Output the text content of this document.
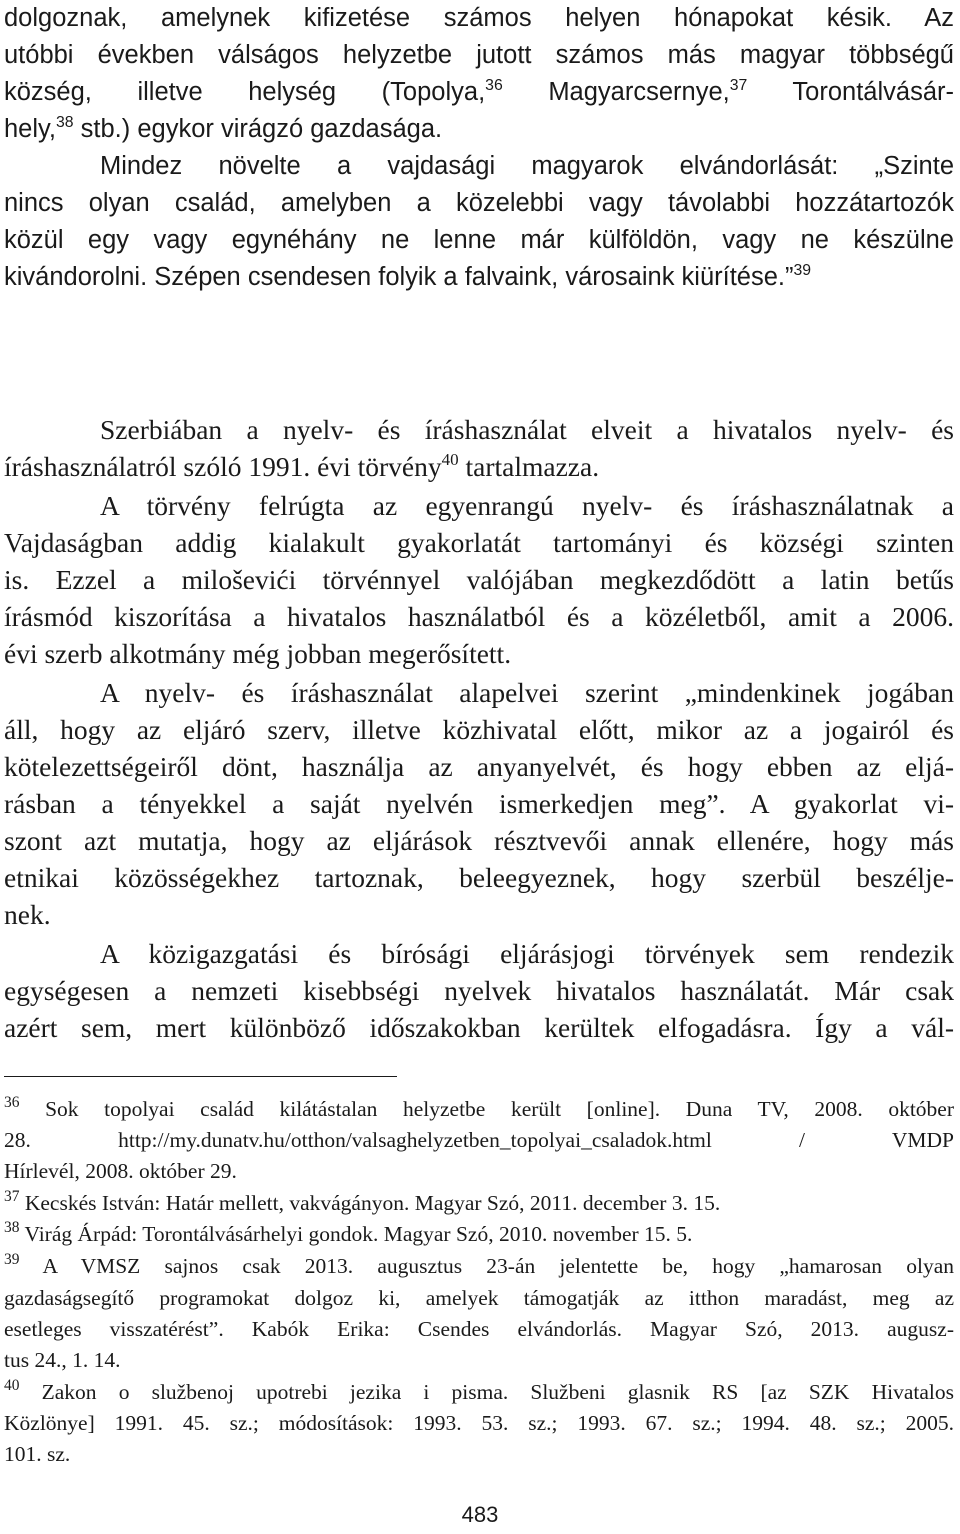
dolgoznak, amelynek kifizetése számos helyen hónapokat késik. Az
utóbbi években válságos helyzetbe jutott számos más magyar többségű
község, illetve helység (Topolya,$^{36}$ Magyarcsernye,$^{37}$ Torontálvásár-
hely,$^{38}$ stb.) egykor virágzó gazdasága.
Mindez növelte a vajdasági magyarok elvándorlását: „Szinte
nincs olyan család, amelyben a közelebbi vagy távolabbi hozzátartozók
közül egy vagy egynéhány ne lenne már külföldön, vagy ne készülne
kivándorolni. Szépen csendesen folyik a falvaink, városaink kiürítése.”$^{39}$
Szerbiában a nyelv- és íráshasználat elveit a hivatalos nyelv- és
íráshasználatról szóló 1991. évi törvény$^{40}$ tartalmazza.
A törvény felrúgta az egyenrangú nyelv- és íráshasználatnak a
Vajdaságban addig kialakult gyakorlatát tartományi és községi szinten
is. Ezzel a miloševići törvénnyel valójában megkezdődött a latin betűs
írásmód kiszorítása a hivatalos használatból és a közéletből, amit a 2006.
évi szerb alkotmány még jobban megerősített.
A nyelv- és íráshasználat alapelvei szerint „mindenkinek jogában
áll, hogy az eljáró szerv, illetve közhivatal előtt, mikor az a jogairól és
kötelezettségeiről dönt, használja az anyanyelvét, és hogy ebben az eljá-
rásban a tényekkel a saját nyelvén ismerkedjen meg”. A gyakorlat vi-
szont azt mutatja, hogy az eljárások résztvevői annak ellenére, hogy más
etnikai közösségekhez tartoznak, beleegyeznek, hogy szerbül beszélje-
nek.
A közigazgatási és bírósági eljárásjogi törvények sem rendezik
egységesen a nemzeti kisebbségi nyelvek hivatalos használatát. Már csak
azért sem, mert különböző időszakokban kerültek elfogadásra. Így a vál-
$^{36}$ Sok topolyai család kilátástalan helyzetbe került [online]. Duna TV, 2008. október
28. http://my.dunatv.hu/otthon/valsaghelyzetben_topolyai_csaladok.html / VMDP
Hírlevél, 2008. október 29.
$^{37}$ Kecskés István: Határ mellett, vakvágányon. Magyar Szó, 2011. december 3. 15.
$^{38}$ Virág Árpád: Torontálvásárhelyi gondok. Magyar Szó, 2010. november 15. 5.
$^{39}$ A VMSZ sajnos csak 2013. augusztus 23-án jelentette be, hogy „hamarosan olyan
gazdaságsegítő programokat dolgoz ki, amelyek támogatják az itthon maradást, meg az
esetleges visszatérést”. Kabók Erika: Csendes elvándorlás. Magyar Szó, 2013. augusz-
tus 24., 1. 14.
$^{40}$ Zakon o službenoj upotrebi jezika i pisma. Službeni glasnik RS [az SZK Hivatalos
Közlönye] 1991. 45. sz.; módosítások: 1993. 53. sz.; 1993. 67. sz.; 1994. 48. sz.; 2005.
101. sz.
483
